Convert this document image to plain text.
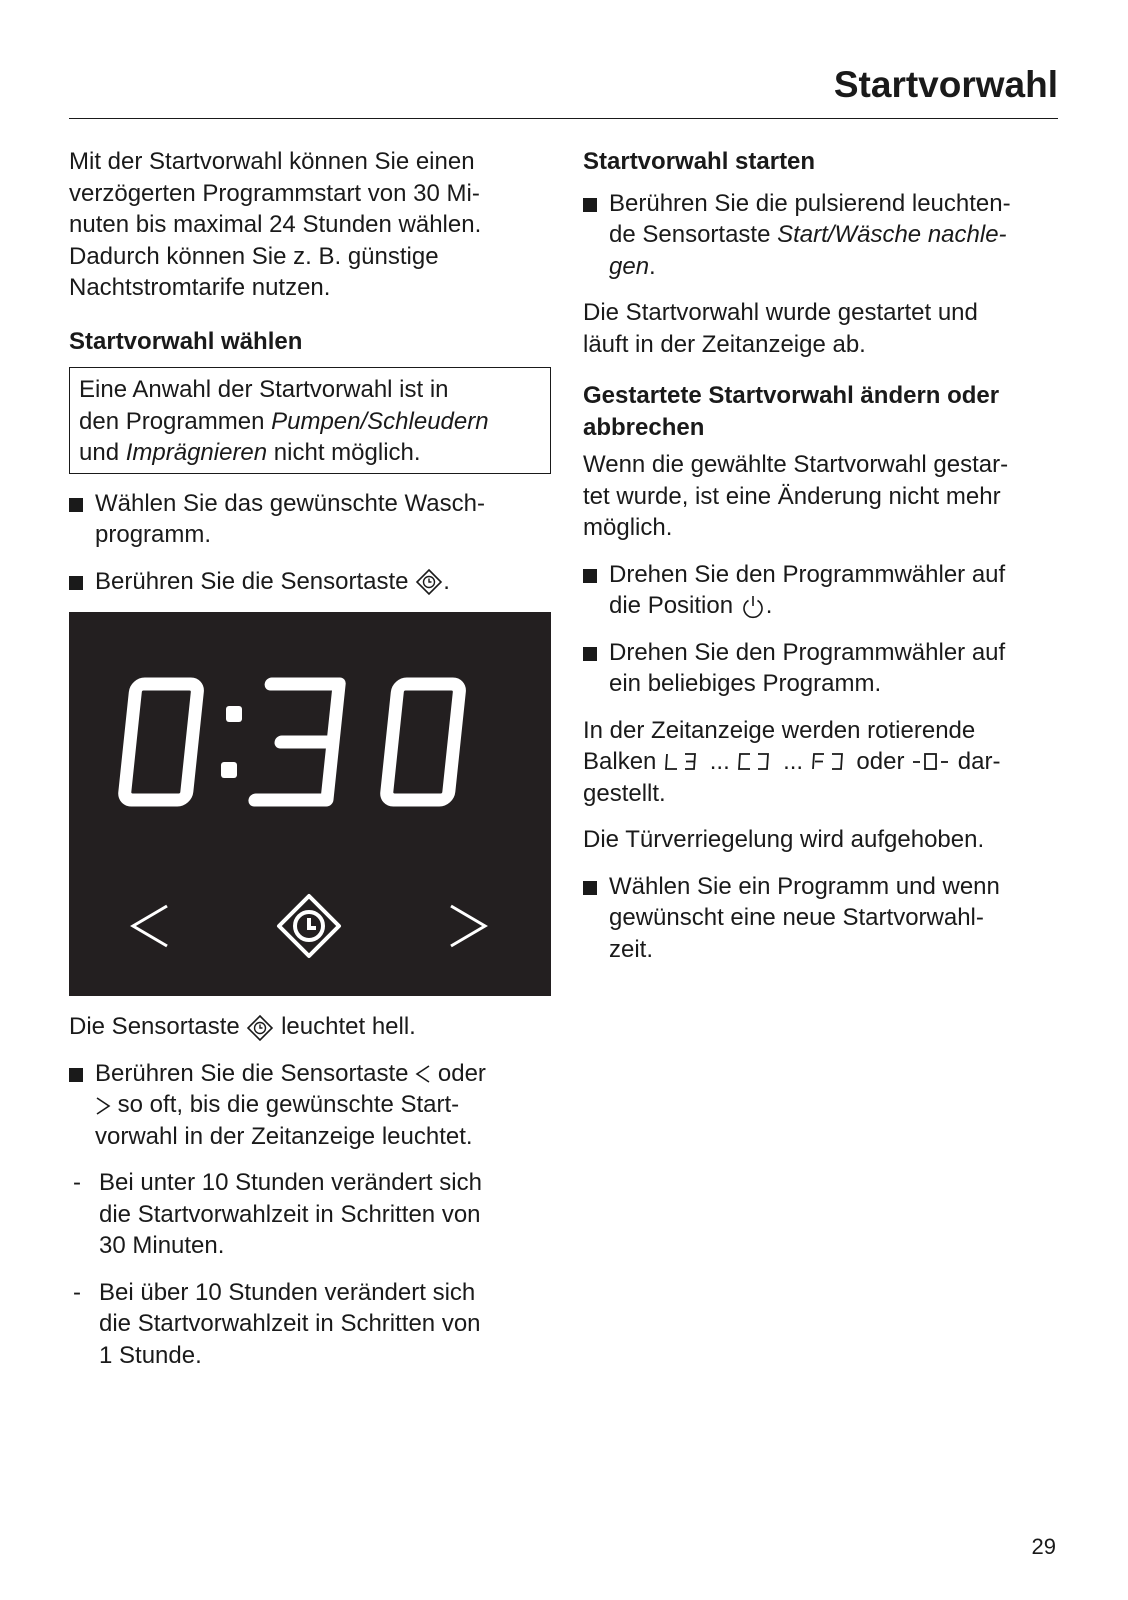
Startvorwahl

Mit der Startvorwahl können Sie einen
verzögerten Programmstart von 30 Mi-
nuten bis maximal 24 Stunden wählen.
Dadurch können Sie z. B. günstige
Nachtstromtarife nutzen.

Startvorwahl wählen
Eine Anwahl der Startvorwahl ist in
den Programmen Pumpen/Schleudern
und Imprägnieren nicht möglich.
Wählen Sie das gewünschte Wasch-
programm.
Berühren Sie die Sensortaste .

Die Sensortaste  leuchtet hell.

Berühren Sie die Sensortaste  oder
so oft, bis die gewünschte Start-
vorwahl in der Zeitanzeige leuchtet.
- Bei unter 10 Stunden verändert sich
die Startvorwahlzeit in Schritten von
30 Minuten.
- Bei über 10 Stunden verändert sich
die Startvorwahlzeit in Schritten von
1 Stunde.
Startvorwahl starten
Berühren Sie die pulsierend leuchten-
de Sensortaste Start/Wäsche nachle-
gen.

Die Startvorwahl wurde gestartet und
läuft in der Zeitanzeige ab.

Gestartete Startvorwahl ändern oder
abbrechen

Wenn die gewählte Startvorwahl gestar-
tet wurde, ist eine Änderung nicht mehr
möglich.

Drehen Sie den Programmwähler auf
die Position .
Drehen Sie den Programmwähler auf
ein beliebiges Programm.

In der Zeitanzeige werden rotierende
Balken  ...  ...  oder  dar-
gestellt.

Die Türverriegelung wird aufgehoben.

Wählen Sie ein Programm und wenn
gewünscht eine neue Startvorwahl-
zeit.
29
